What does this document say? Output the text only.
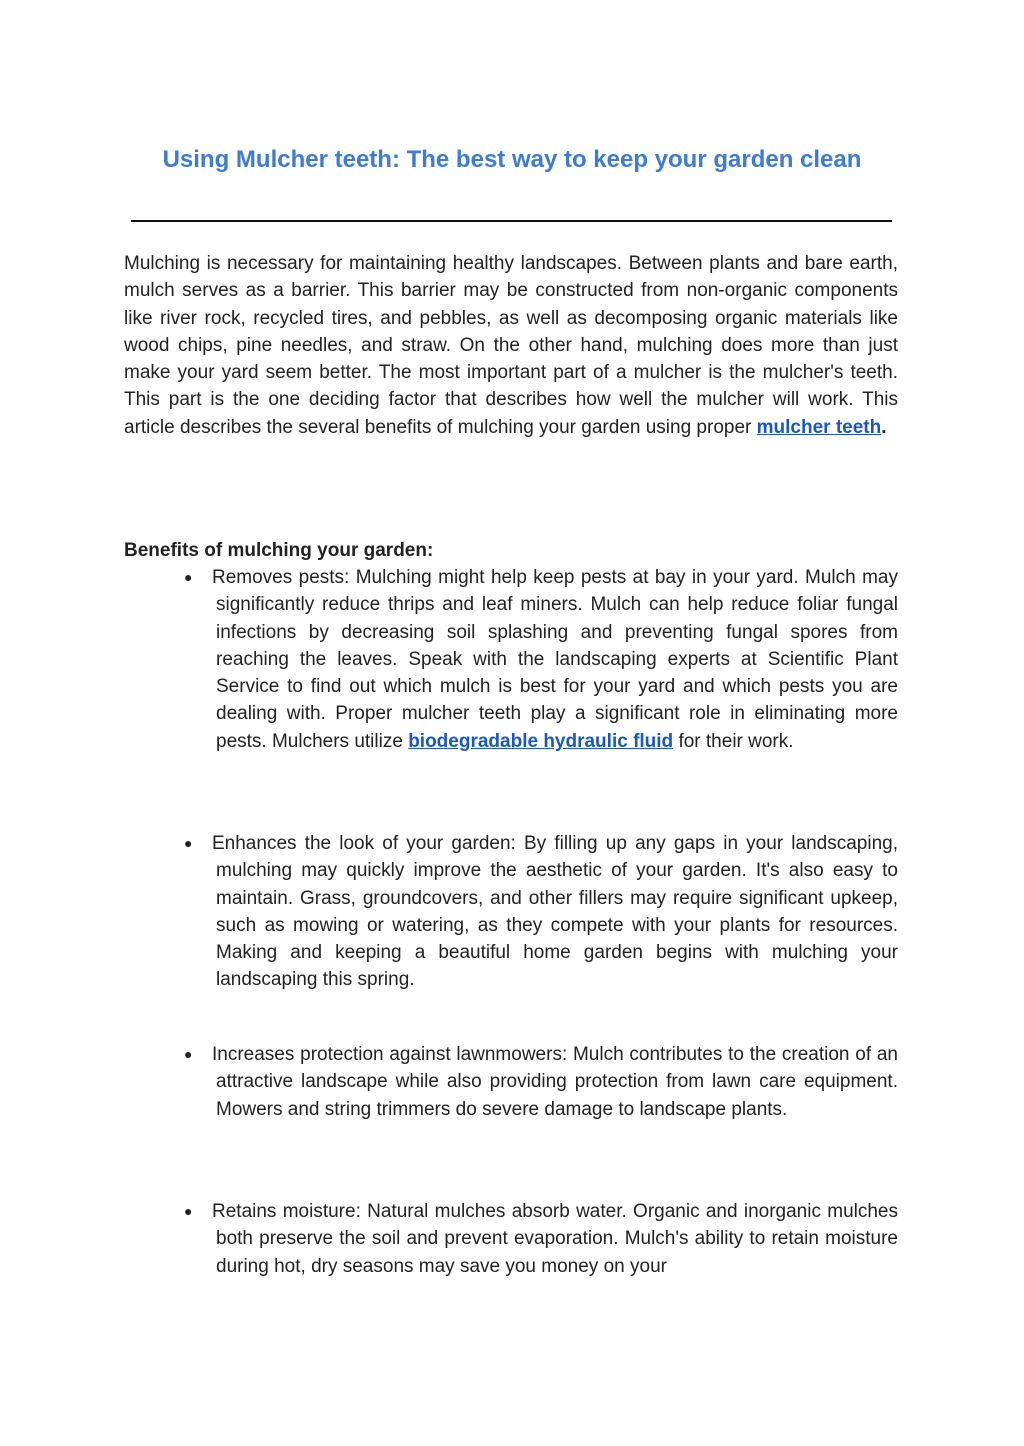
Using Mulcher teeth: The best way to keep your garden clean

Mulching is necessary for maintaining healthy landscapes. Between plants and bare earth, mulch serves as a barrier. This barrier may be constructed from non-organic components like river rock, recycled tires, and pebbles, as well as decomposing organic materials like wood chips, pine needles, and straw. On the other hand, mulching does more than just make your yard seem better. The most important part of a mulcher is the mulcher's teeth. This part is the one deciding factor that describes how well the mulcher will work. This article describes the several benefits of mulching your garden using proper mulcher teeth.

Benefits of mulching your garden:
●	Removes pests: Mulching might help keep pests at bay in your yard. Mulch may significantly reduce thrips and leaf miners. Mulch can help reduce foliar fungal infections by decreasing soil splashing and preventing fungal spores from reaching the leaves. Speak with the landscaping experts at Scientific Plant Service to find out which mulch is best for your yard and which pests you are dealing with. Proper mulcher teeth play a significant role in eliminating more pests. Mulchers utilize biodegradable hydraulic fluid for their work.
●	Enhances the look of your garden: By filling up any gaps in your landscaping, mulching may quickly improve the aesthetic of your garden. It's also easy to maintain. Grass, groundcovers, and other fillers may require significant upkeep, such as mowing or watering, as they compete with your plants for resources. Making and keeping a beautiful home garden begins with mulching your landscaping this spring.
●	Increases protection against lawnmowers: Mulch contributes to the creation of an attractive landscape while also providing protection from lawn care equipment. Mowers and string trimmers do severe damage to landscape plants.
●	Retains moisture: Natural mulches absorb water. Organic and inorganic mulches both preserve the soil and prevent evaporation. Mulch's ability to retain moisture during hot, dry seasons may save you money on your
